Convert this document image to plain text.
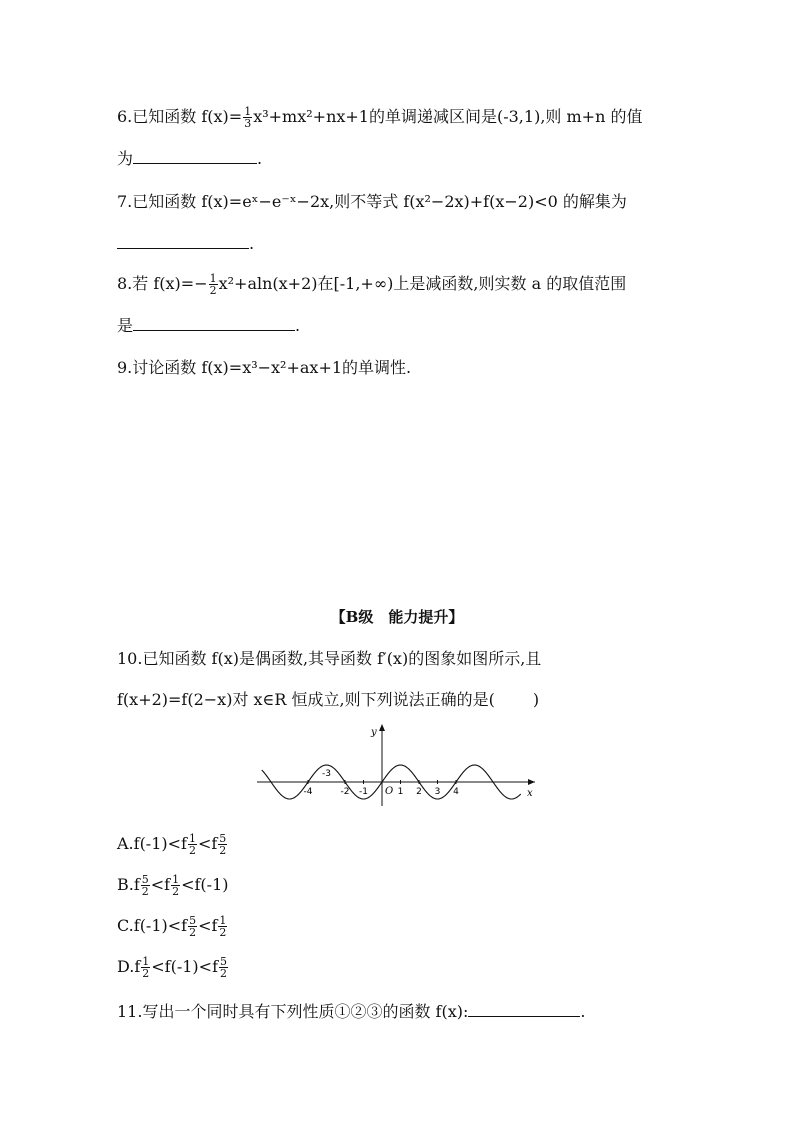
6.已知函数 $f(x)= \frac{1}{3} x^3+mx^2+nx+1$的单调递减区间是(-3,1),则 m+n 的值
为	.
7.已知函数 f(x)=eˣ−e⁻ˣ−2x,则不等式 f(x²−2x)+f(x−2)<0 的解集为
.
8.若 $f(x)=- \frac{1}{2} x^2+aln(x+2)$在[-1,+∞)上是减函数,则实数 a 的取值范围
是	.
9.讨论函数 f(x)=x³−x²+ax+1的单调性.
【B级　能力提升】
10.已知函数 f(x)是偶函数,其导函数 f′(x)的图象如图所示,且
f(x+2)=f(2−x)对 x∈R 恒成立,则下列说法正确的是( )
x
y
O
-4	-2 -1	1 2 3 4
-3
$A.f(-1)<f \frac{1}{2} <f \frac{5}{2}$
$B.f \frac{5}{2} <f \frac{1}{2} <f(-1)$
$C.f(-1)<f \frac{5}{2} <f \frac{1}{2}$
$D.f \frac{1}{2} <f(-1)<f \frac{5}{2}$
11.写出一个同时具有下列性质①②③的函数 f(x):	.
